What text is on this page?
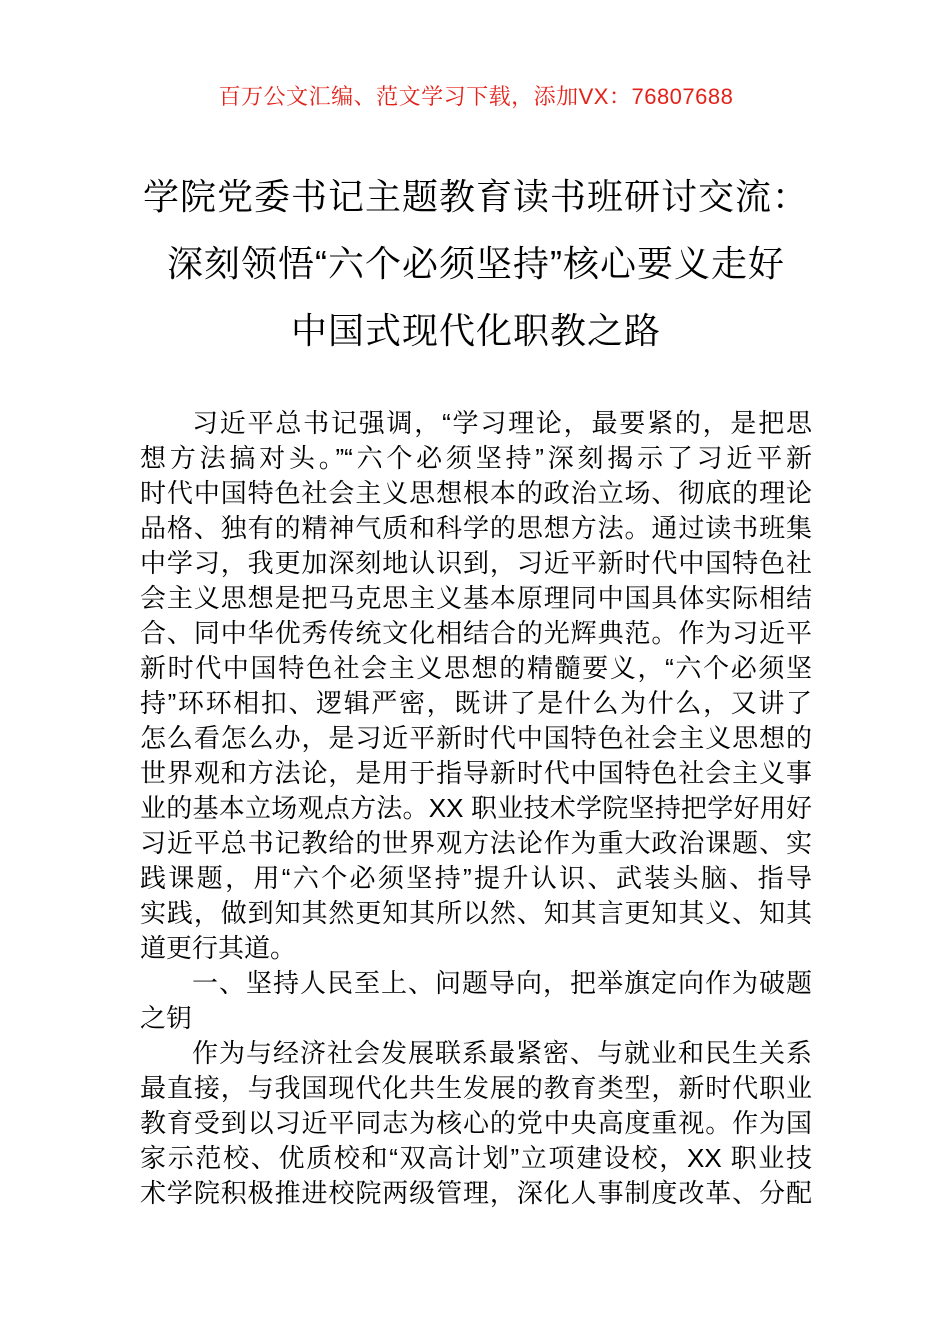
百万公文汇编、范文学习下载，添加VX：76807688
学院党委书记主题教育读书班研讨交流：
深刻领悟“六个必须坚持”核心要义走好
中国式现代化职教之路
习近平总书记强调，“学习理论，最要紧的，是把思
想方法搞对头。”“六个必须坚持”深刻揭示了习近平新
时代中国特色社会主义思想根本的政治立场、彻底的理论
品格、独有的精神气质和科学的思想方法。通过读书班集
中学习，我更加深刻地认识到，习近平新时代中国特色社
会主义思想是把马克思主义基本原理同中国具体实际相结
合、同中华优秀传统文化相结合的光辉典范。作为习近平
新时代中国特色社会主义思想的精髓要义，“六个必须坚
持”环环相扣、逻辑严密，既讲了是什么为什么，又讲了
怎么看怎么办，是习近平新时代中国特色社会主义思想的
世界观和方法论，是用于指导新时代中国特色社会主义事
业的基本立场观点方法。XX 职业技术学院坚持把学好用好
习近平总书记教给的世界观方法论作为重大政治课题、实
践课题，用“六个必须坚持”提升认识、武装头脑、指导
实践，做到知其然更知其所以然、知其言更知其义、知其
道更行其道。
一、坚持人民至上、问题导向，把举旗定向作为破题
之钥
作为与经济社会发展联系最紧密、与就业和民生关系
最直接，与我国现代化共生发展的教育类型，新时代职业
教育受到以习近平同志为核心的党中央高度重视。作为国
家示范校、优质校和“双高计划”立项建设校，XX 职业技
术学院积极推进校院两级管理，深化人事制度改革、分配
